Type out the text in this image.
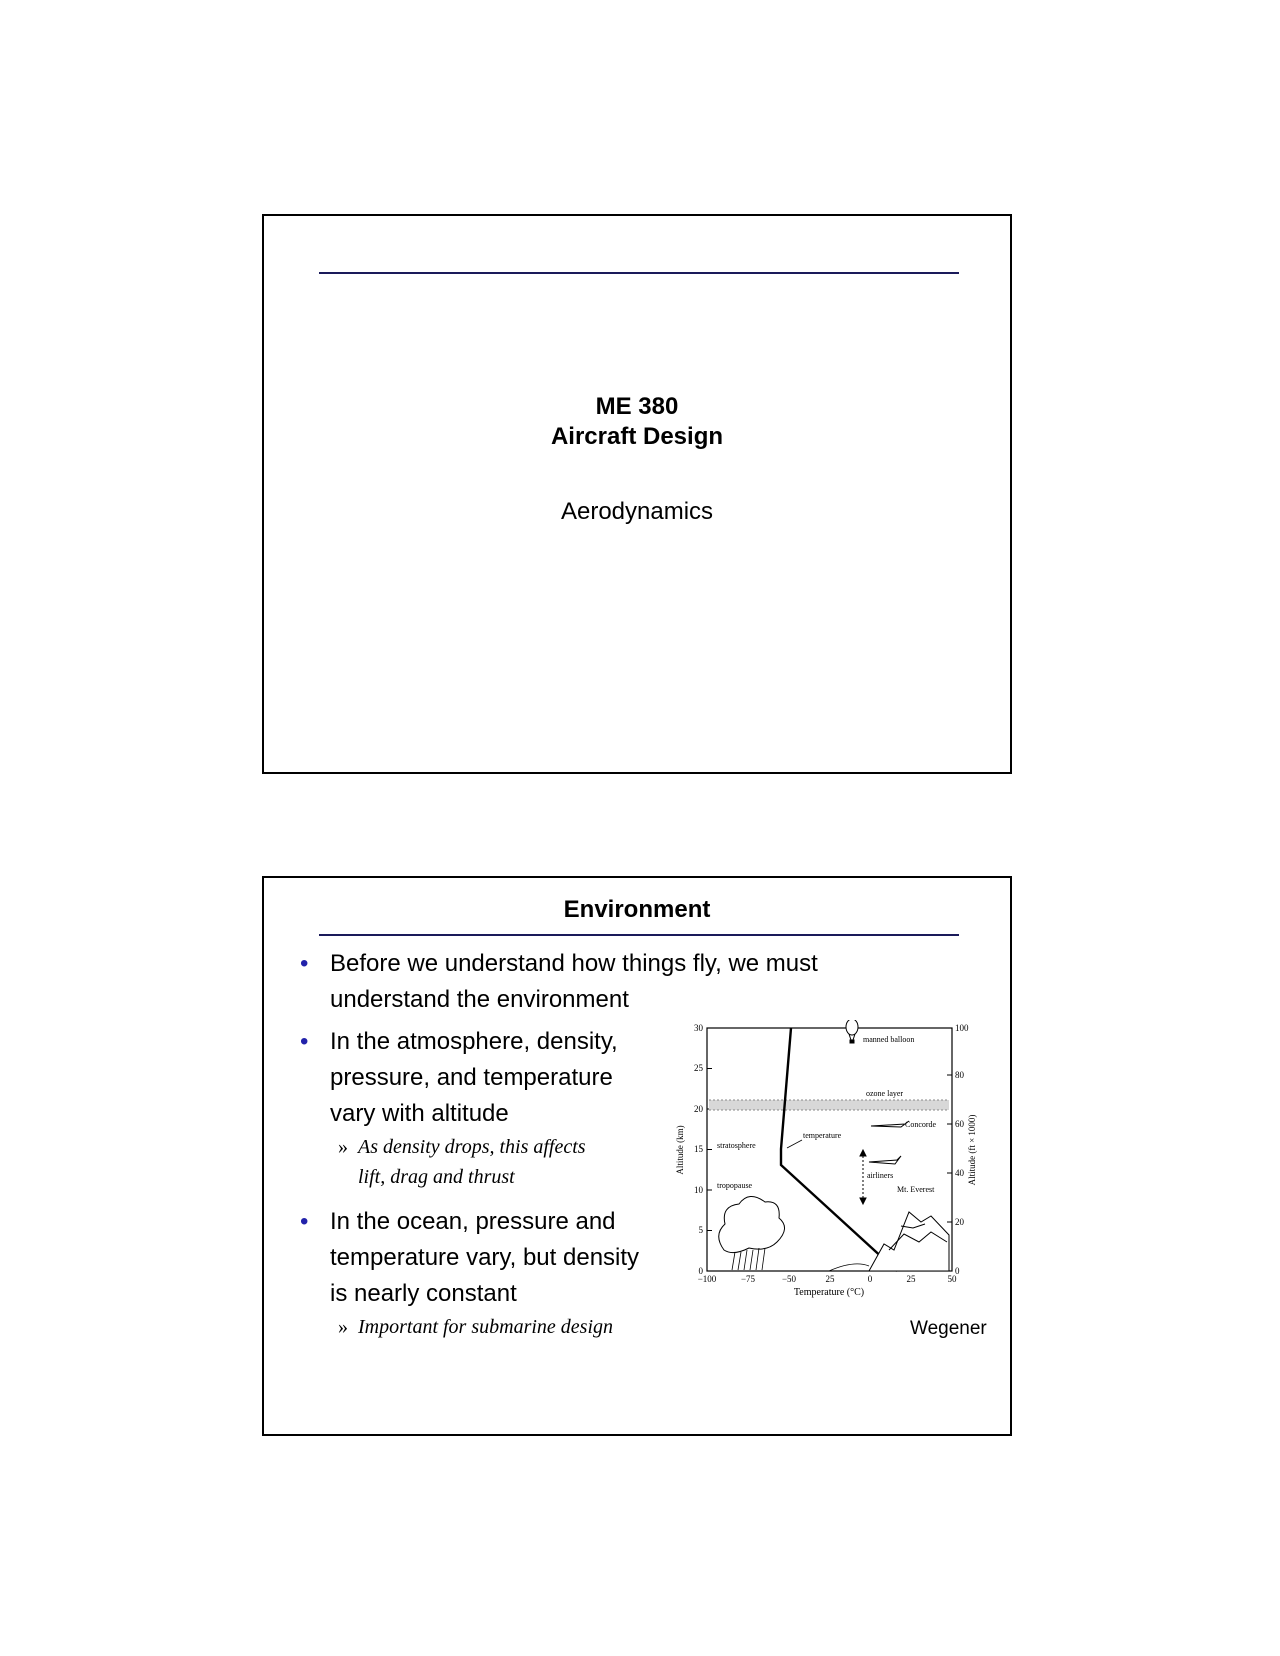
ME 380
Aircraft Design
Aerodynamics
Environment
• Before we understand how things fly, we must
understand the environment
• In the atmosphere, density,
pressure, and temperature
vary with altitude
» As density drops, this affects
lift, drag and thrust
• In the ocean, pressure and
temperature vary, but density
is nearly constant
» Important for submarine design
0
5
10
15
20
25
30
0
20
40
60
80
100
−100	−75	−50	25	0	25	50
Temperature (°C)
Altitude (km)	Altitude (ft × 1000)
manned balloon
ozone layer
Concorde
stratosphere
temperature
airliners
Mt. Everest
tropopause
Wegener
